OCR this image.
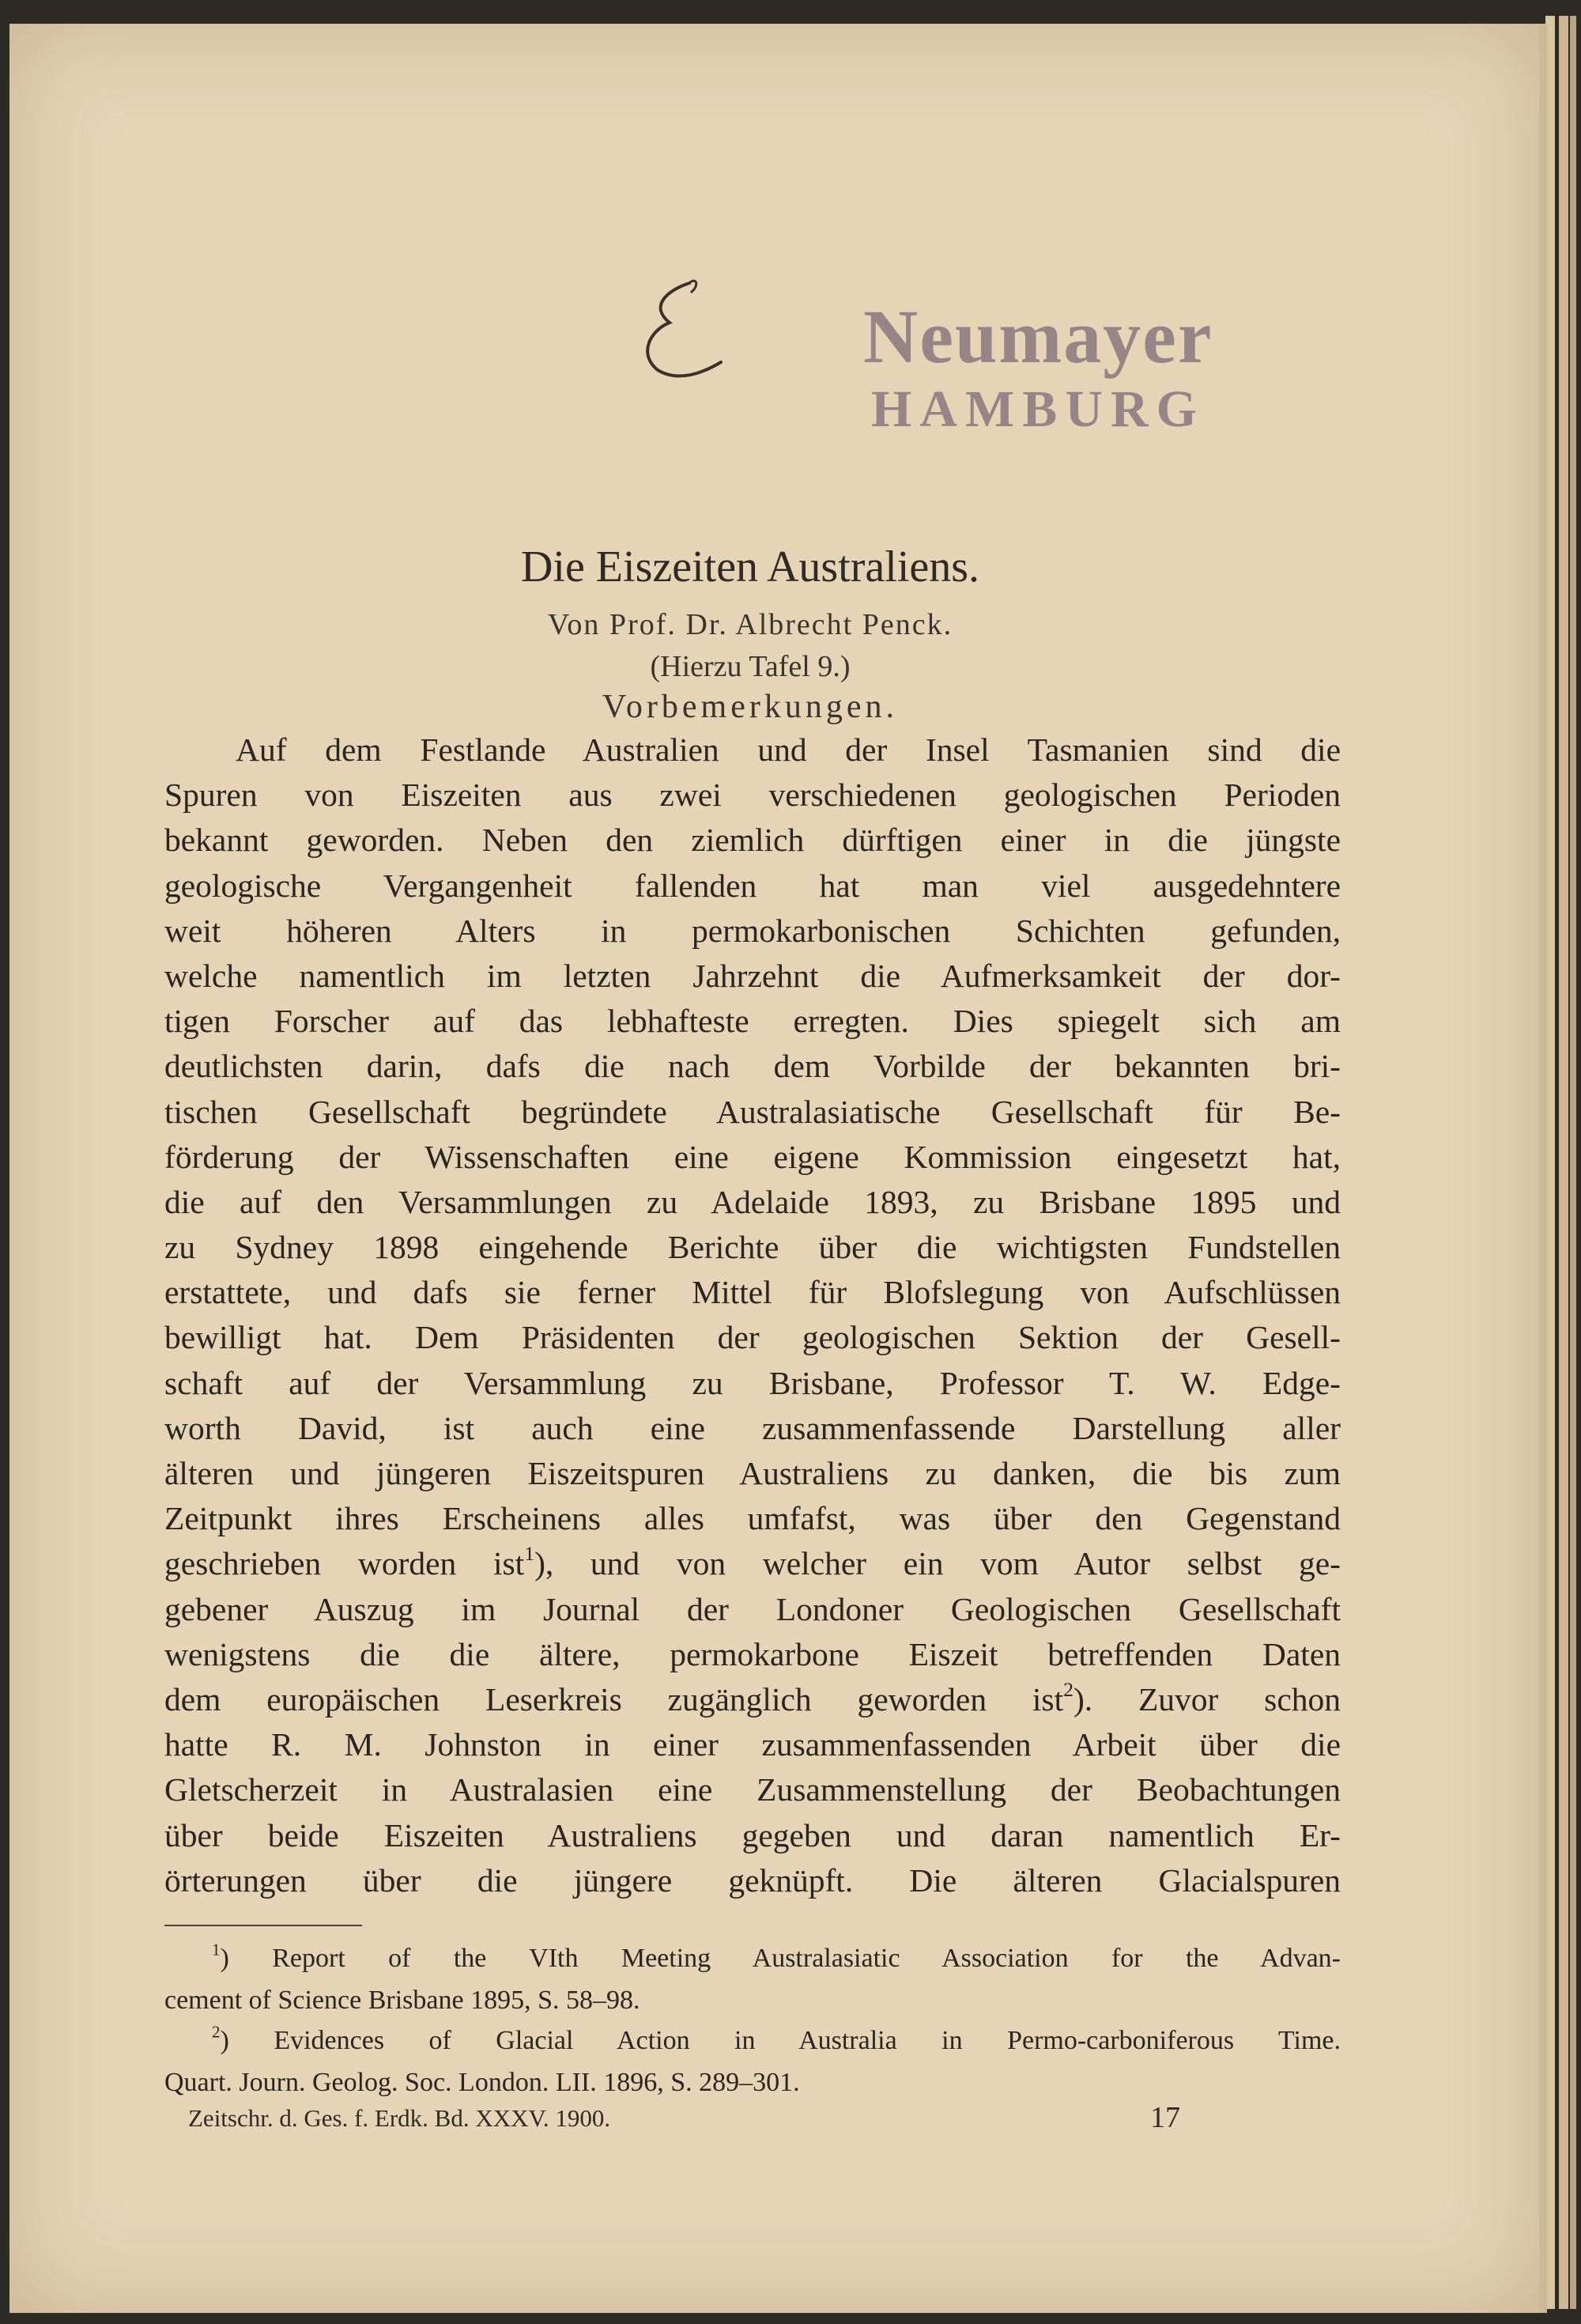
Neumayer
HAMBURG
Die Eiszeiten Australiens.
Von Prof. Dr. Albrecht Penck.
(Hierzu Tafel 9.)
Vorbemerkungen.
Auf dem Festlande Australien und der Insel Tasmanien sind die
Spuren von Eiszeiten aus zwei verschiedenen geologischen Perioden
bekannt geworden. Neben den ziemlich dürftigen einer in die jüngste
geologische Vergangenheit fallenden hat man viel ausgedehntere
weit höheren Alters in permokarbonischen Schichten gefunden,
welche namentlich im letzten Jahrzehnt die Aufmerksamkeit der dor-
tigen Forscher auf das lebhafteste erregten. Dies spiegelt sich am
deutlichsten darin, dafs die nach dem Vorbilde der bekannten bri-
tischen Gesellschaft begründete Australasiatische Gesellschaft für Be-
förderung der Wissenschaften eine eigene Kommission eingesetzt hat,
die auf den Versammlungen zu Adelaide 1893, zu Brisbane 1895 und
zu Sydney 1898 eingehende Berichte über die wichtigsten Fundstellen
erstattete, und dafs sie ferner Mittel für Blofslegung von Aufschlüssen
bewilligt hat. Dem Präsidenten der geologischen Sektion der Gesell-
schaft auf der Versammlung zu Brisbane, Professor T. W. Edge-
worth David, ist auch eine zusammenfassende Darstellung aller
älteren und jüngeren Eiszeitspuren Australiens zu danken, die bis zum
Zeitpunkt ihres Erscheinens alles umfafst, was über den Gegenstand
geschrieben worden ist$^1$), und von welcher ein vom Autor selbst ge-
gebener Auszug im Journal der Londoner Geologischen Gesellschaft
wenigstens die die ältere, permokarbone Eiszeit betreffenden Daten
dem europäischen Leserkreis zugänglich geworden ist$^2$). Zuvor schon
hatte R. M. Johnston in einer zusammenfassenden Arbeit über die
Gletscherzeit in Australasien eine Zusammenstellung der Beobachtungen
über beide Eiszeiten Australiens gegeben und daran namentlich Er-
örterungen über die jüngere geknüpft. Die älteren Glacialspuren
$^1$) Report of the VIth Meeting Australasiatic Association for the Advan-
cement of Science Brisbane 1895, S. 58–98.
$^2$) Evidences of Glacial Action in Australia in Permo-carboniferous Time.
Quart. Journ. Geolog. Soc. London. LII. 1896, S. 289–301.
Zeitschr. d. Ges. f. Erdk. Bd. XXXV. 1900.	17
